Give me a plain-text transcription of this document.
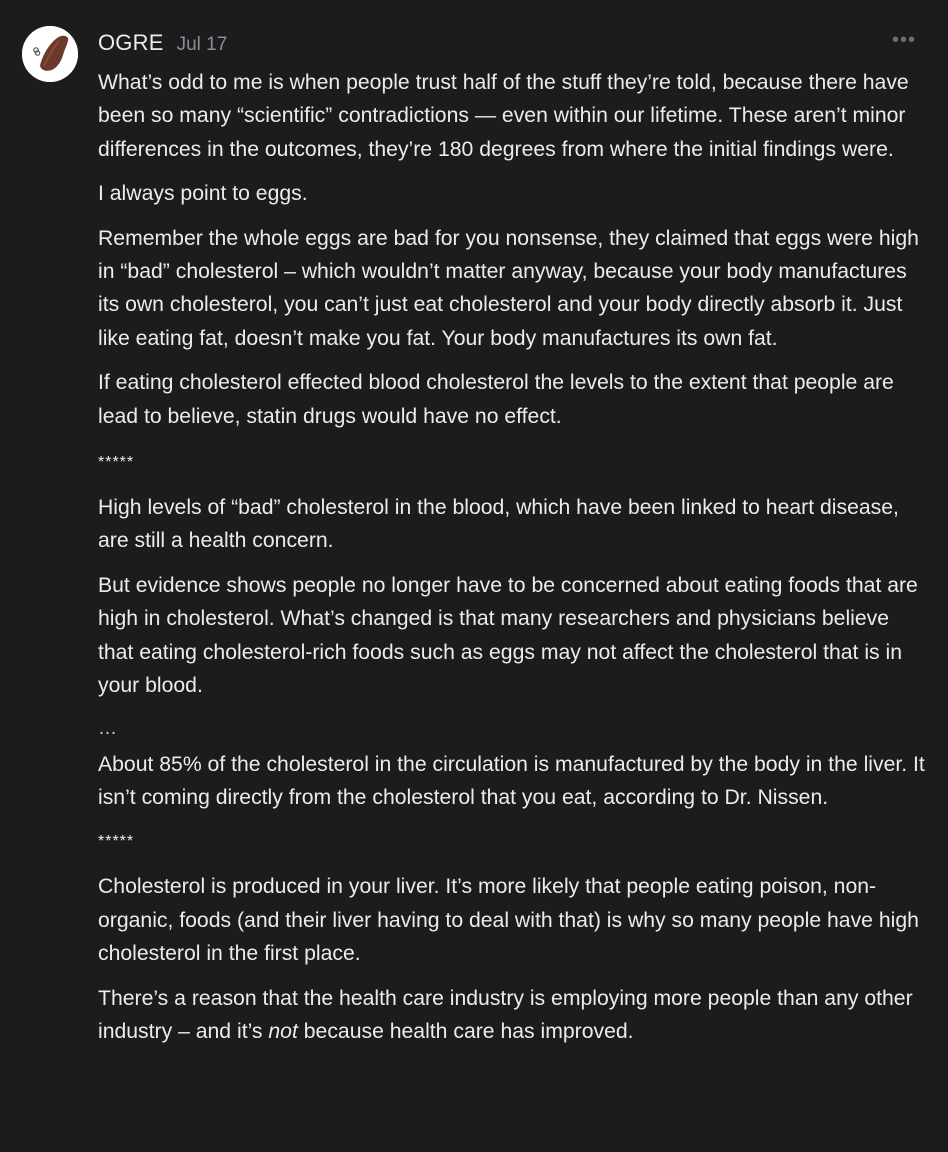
OGRE Jul 17	•••

What’s odd to me is when people trust half of the stuff they’re told, because there have been so many “scientific” contradictions — even within our lifetime. These aren’t minor differences in the outcomes, they’re 180 degrees from where the initial findings were.

I always point to eggs.

Remember the whole eggs are bad for you nonsense, they claimed that eggs were high in “bad” cholesterol – which wouldn’t matter anyway, because your body manufactures its own cholesterol, you can’t just eat cholesterol and your body directly absorb it. Just like eating fat, doesn’t make you fat. Your body manufactures its own fat.

If eating cholesterol effected blood cholesterol the levels to the extent that people are lead to believe, statin drugs would have no effect.

*****

High levels of “bad” cholesterol in the blood, which have been linked to heart disease, are still a health concern.

But evidence shows people no longer have to be concerned about eating foods that are high in cholesterol. What’s changed is that many researchers and physicians believe that eating cholesterol-rich foods such as eggs may not affect the cholesterol that is in your blood.

…

About 85% of the cholesterol in the circulation is manufactured by the body in the liver. It isn’t coming directly from the cholesterol that you eat, according to Dr. Nissen.

*****

Cholesterol is produced in your liver. It’s more likely that people eating poison, non-organic, foods (and their liver having to deal with that) is why so many people have high cholesterol in the first place.

There’s a reason that the health care industry is employing more people than any other industry – and it’s not because health care has improved.
